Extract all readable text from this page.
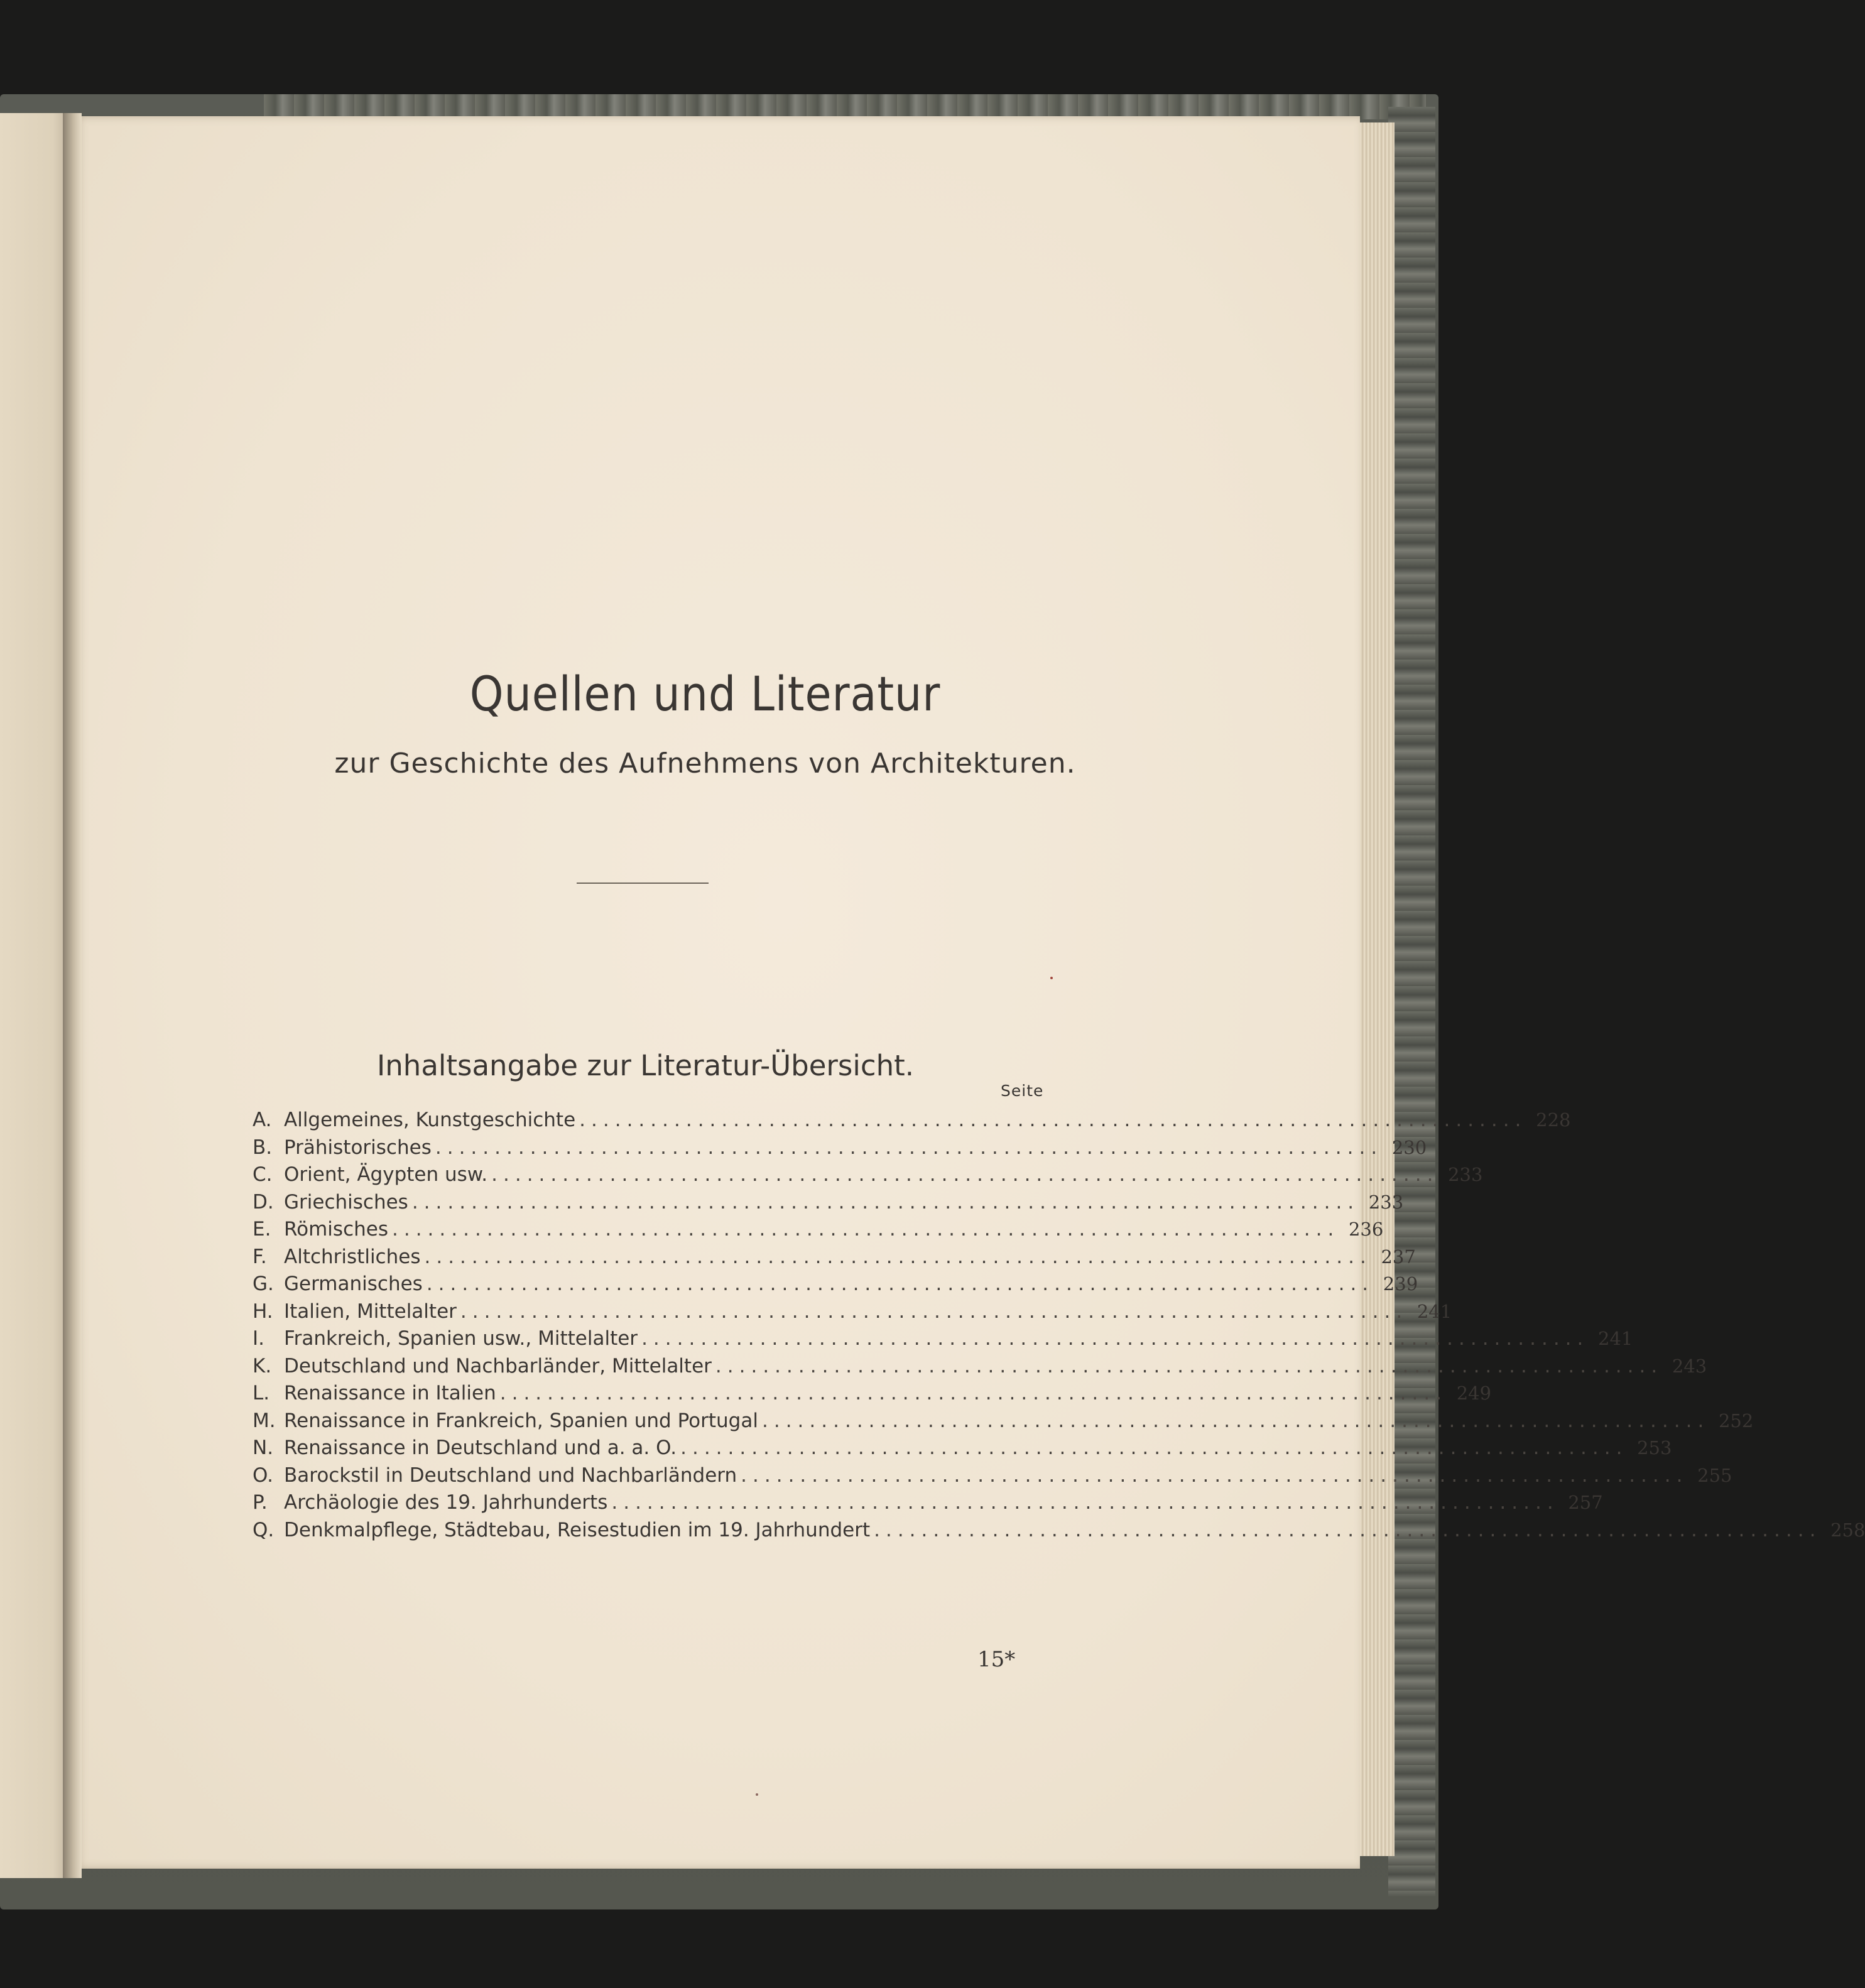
Quellen und Literatur
zur Geschichte des Aufnehmens von Architekturen.
Inhaltsangabe zur Literatur-Übersicht.
Seite
A. Allgemeines, Kunstgeschichte ................................................................................ 228
B. Prähistorisches ................................................................................ 230
C. Orient, Ägypten usw. ................................................................................ 233
D. Griechisches ................................................................................ 233
E. Römisches ................................................................................ 236
F. Altchristliches ................................................................................ 237
G. Germanisches ................................................................................ 239
H. Italien, Mittelalter ................................................................................ 241
I.	Frankreich, Spanien usw., Mittelalter ................................................................................ 241
K. Deutschland und Nachbarländer, Mittelalter ................................................................................ 243
L. Renaissance in Italien ................................................................................ 249
M. Renaissance in Frankreich, Spanien und Portugal ................................................................................ 252
N. Renaissance in Deutschland und a. a. O. ................................................................................ 253
O. Barockstil in Deutschland und Nachbarländern ................................................................................ 255
P. Archäologie des 19. Jahrhunderts ................................................................................ 257
Q. Denkmalpflege, Städtebau, Reisestudien im 19. Jahrhundert ................................................................................ 258
15*
